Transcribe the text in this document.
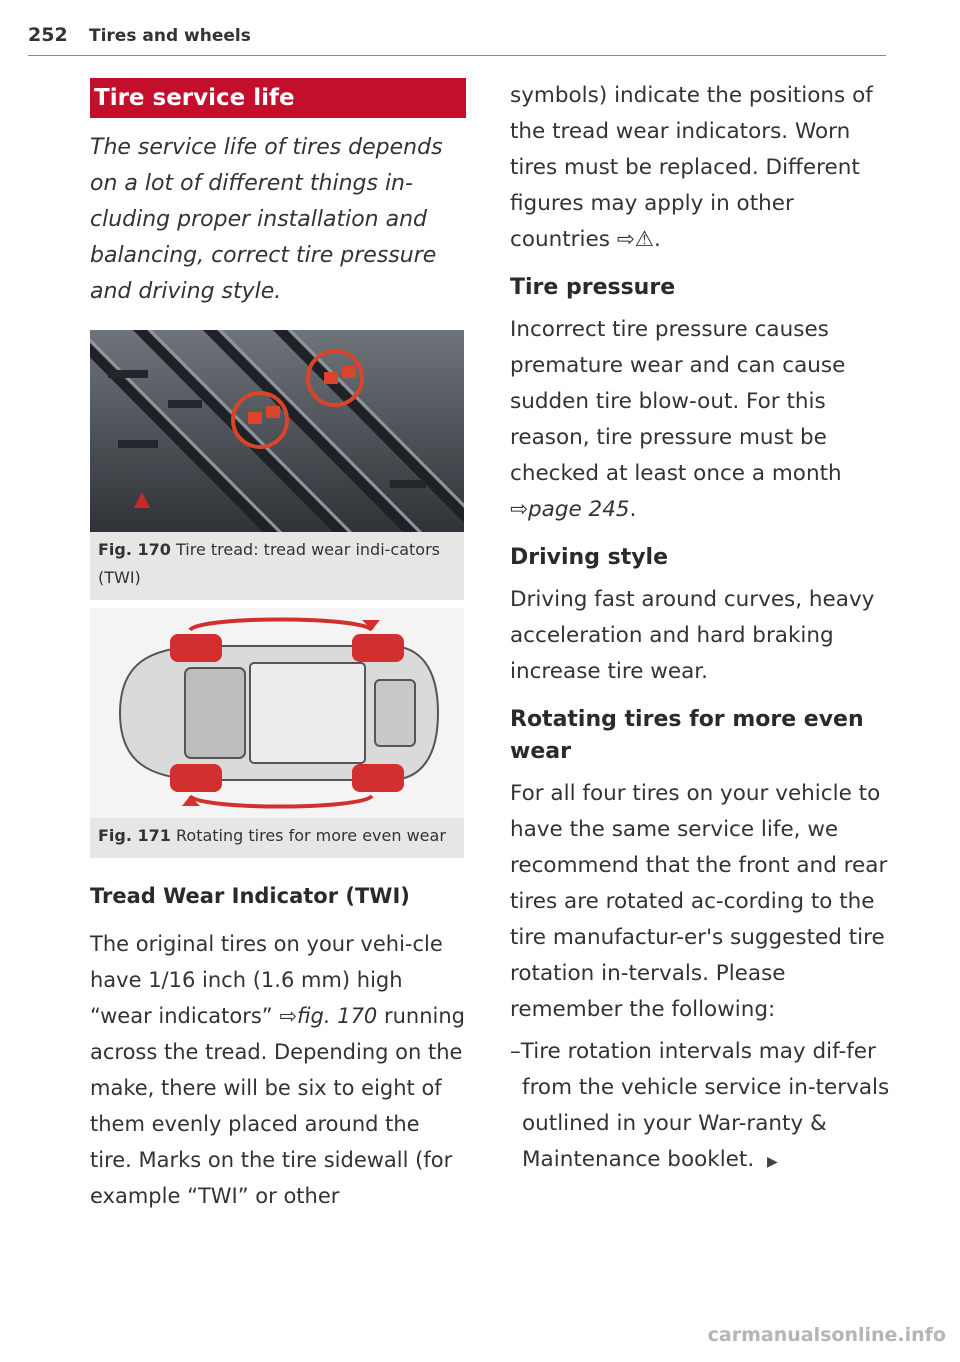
252 Tires and wheels
Tire service life

The service life of tires depends on a lot of different things in-cluding proper installation and balancing, correct tire pressure and driving style.

Fig. 170 Tire tread: tread wear indi-cators (TWI)
Fig. 171 Rotating tires for more even wear
Tread Wear Indicator (TWI)

The original tires on your vehi-cle have 1/16 inch (1.6 mm) high “wear indicators” ⇨fig. 170 running across the tread. Depending on the make, there will be six to eight of them evenly placed around the tire. Marks on the tire sidewall (for example “TWI” or other

symbols) indicate the positions of the tread wear indicators. Worn tires must be replaced. Different figures may apply in other countries ⇨⚠.

Tire pressure

Incorrect tire pressure causes premature wear and can cause sudden tire blow-out. For this reason, tire pressure must be checked at least once a month ⇨page 245.

Driving style

Driving fast around curves, heavy acceleration and hard braking increase tire wear.

Rotating tires for more even wear

For all four tires on your vehicle to have the same service life, we recommend that the front and rear tires are rotated ac-cording to the tire manufactur-er's suggested tire rotation in-tervals. Please remember the following:

–Tire rotation intervals may dif-fer from the vehicle service in-tervals outlined in your War-ranty & Maintenance booklet. ▶

carmanualsonline.info
